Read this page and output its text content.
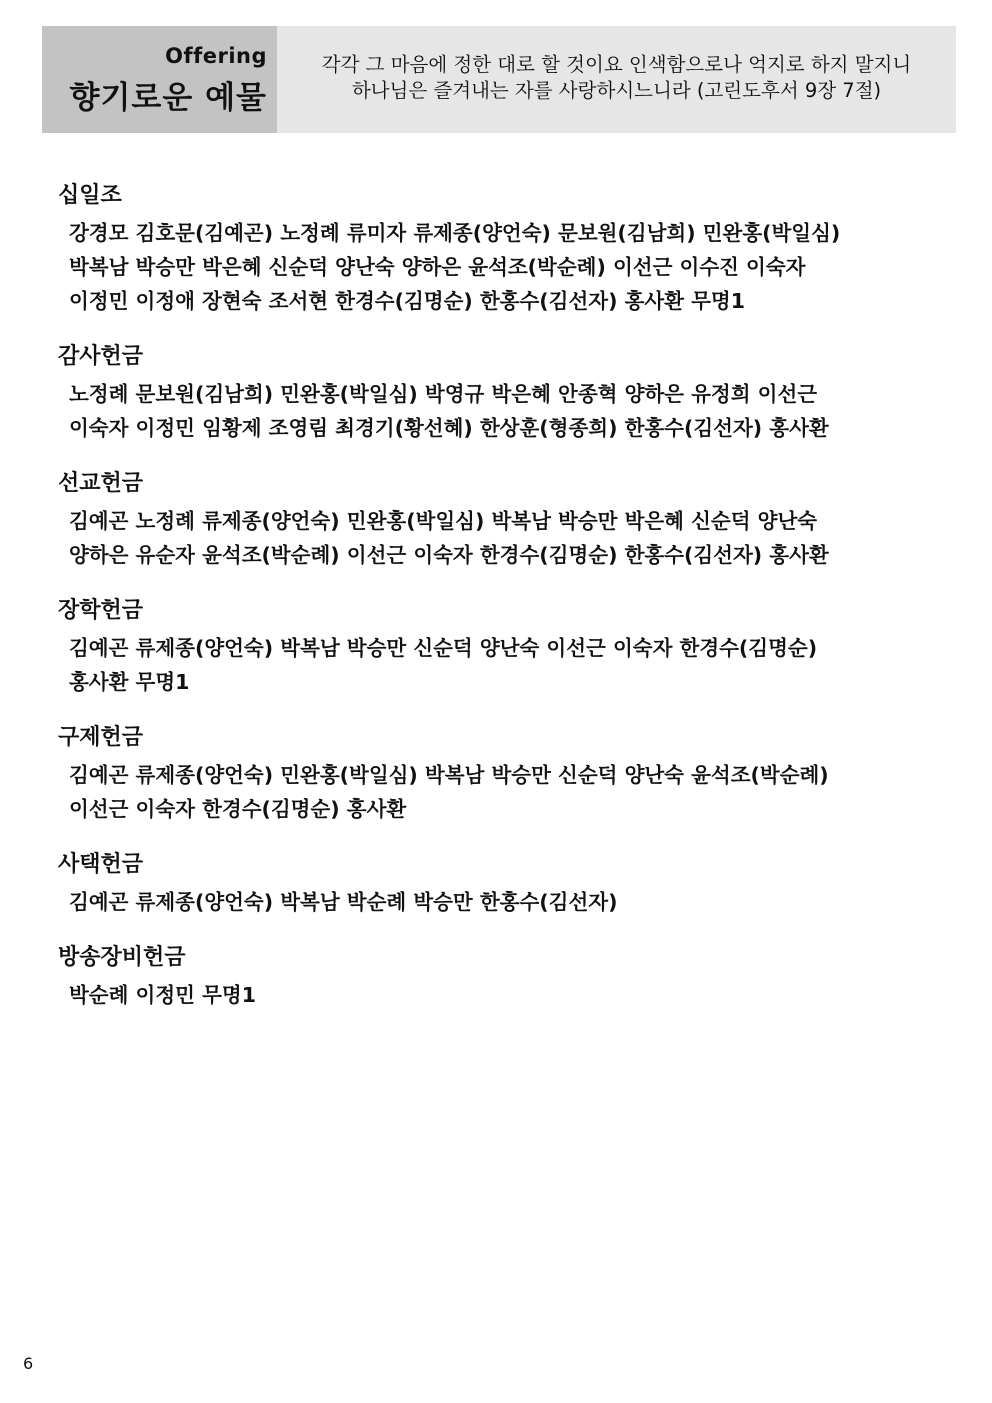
Offering
향기로운 예물
각각 그 마음에 정한 대로 할 것이요 인색함으로나 억지로 하지 말지니
하나님은 즐겨내는 자를 사랑하시느니라 (고린도후서 9장 7절)
십일조
강경모 김호문(김예곤) 노정례 류미자 류제종(양언숙) 문보원(김남희) 민완홍(박일심)
박복남 박승만 박은혜 신순덕 양난숙 양하은 윤석조(박순례) 이선근 이수진 이숙자
이정민 이정애 장현숙 조서현 한경수(김명순) 한홍수(김선자) 홍사환 무명1
감사헌금
노정례 문보원(김남희) 민완홍(박일심) 박영규 박은혜 안종혁 양하은 유정희 이선근
이숙자 이정민 임황제 조영림 최경기(황선혜) 한상훈(형종희) 한홍수(김선자) 홍사환
선교헌금
김예곤 노정례 류제종(양언숙) 민완홍(박일심) 박복남 박승만 박은혜 신순덕 양난숙
양하은 유순자 윤석조(박순례) 이선근 이숙자 한경수(김명순) 한홍수(김선자) 홍사환
장학헌금
김예곤 류제종(양언숙) 박복남 박승만 신순덕 양난숙 이선근 이숙자 한경수(김명순)
홍사환 무명1
구제헌금
김예곤 류제종(양언숙) 민완홍(박일심) 박복남 박승만 신순덕 양난숙 윤석조(박순례)
이선근 이숙자 한경수(김명순) 홍사환
사택헌금
김예곤 류제종(양언숙) 박복남 박순례 박승만 한홍수(김선자)
방송장비헌금
박순례 이정민 무명1
6
